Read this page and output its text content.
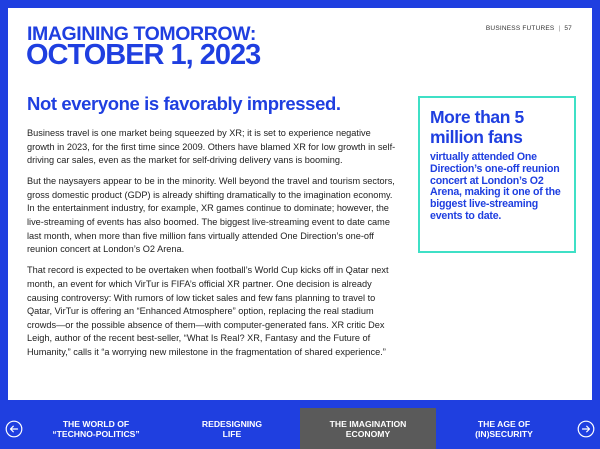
BUSINESS FUTURES | 57
IMAGINING TOMORROW:
OCTOBER 1, 2023
Not everyone is favorably impressed.

Business travel is one market being squeezed by XR; it is set to experience negative growth in 2023, for the first time since 2009. Others have blamed XR for low growth in self-driving car sales, even as the market for self-driving delivery vans is booming.

But the naysayers appear to be in the minority. Well beyond the travel and tourism sectors, gross domestic product (GDP) is already shifting dramatically to the imagination economy. In the entertainment industry, for example, XR games continue to dominate; however, the live-streaming of events has also boomed. The biggest live-streaming event to date came last month, when more than five million fans virtually attended One Direction’s one-off reunion concert at London’s O2 Arena.

That record is expected to be overtaken when football’s World Cup kicks off in Qatar next month, an event for which VirTur is FIFA’s official XR partner. One decision is already causing controversy: With rumors of low ticket sales and few fans planning to travel to Qatar, VirTur is offering an “Enhanced Atmosphere” option, replacing the real stadium crowds—or the possible absence of them—with computer-generated fans. XR critic Dex Leigh, author of the recent best-seller, “What Is Real? XR, Fantasy and the Future of Humanity,” calls it “a worrying new milestone in the fragmentation of shared experience.”

More than 5 million fans
virtually attended One Direction’s one-off reunion concert at London’s O2 Arena, making it one of the biggest live-streaming events to date.
THE WORLD OF
“TECHNO-POLITICS”
REDESIGNING
LIFE
THE IMAGINATION
ECONOMY
THE AGE OF
(IN)SECURITY
